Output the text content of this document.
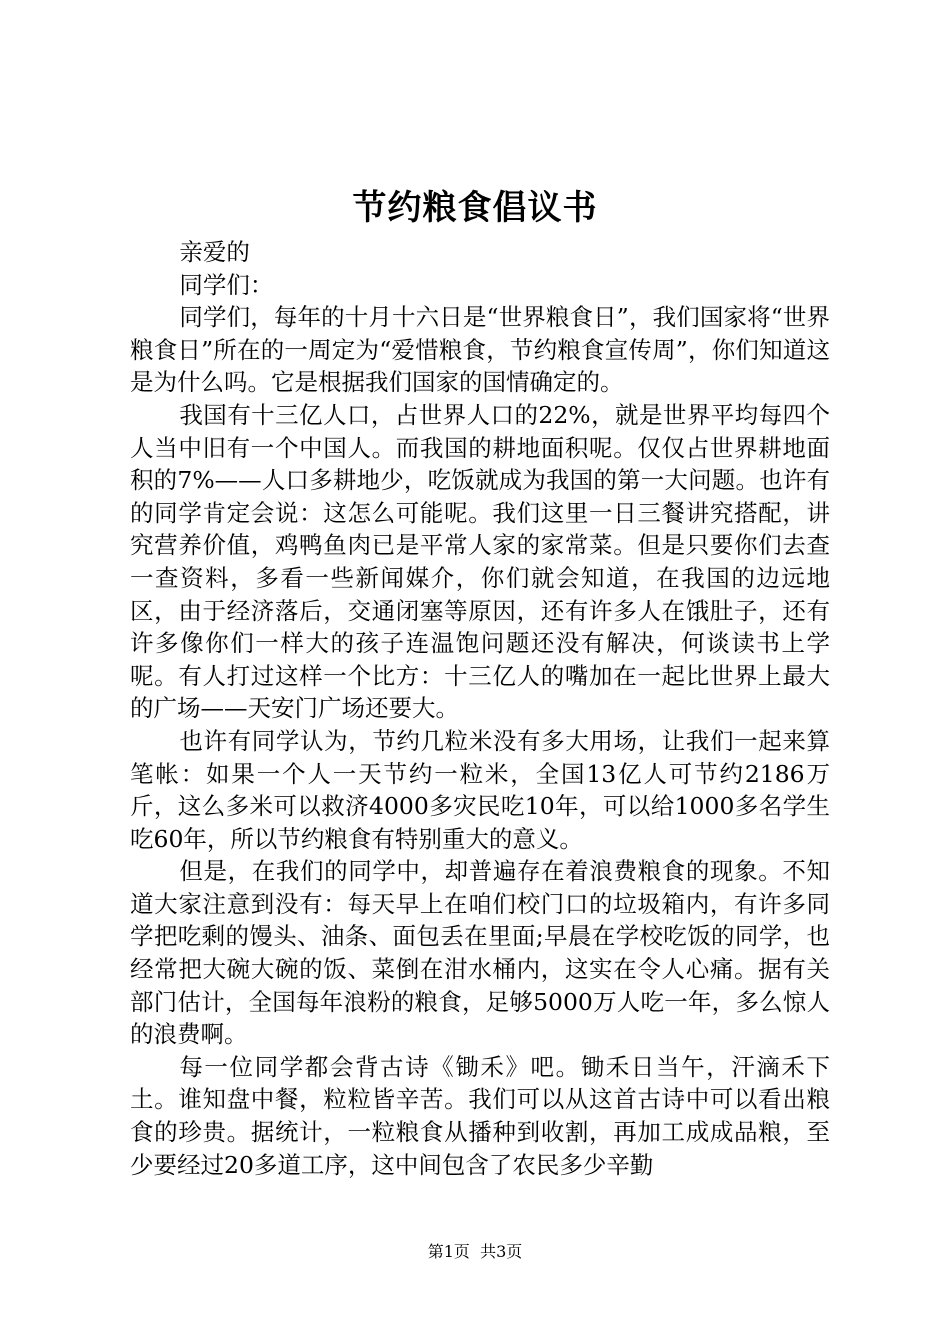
节约粮食倡议书

亲爱的

同学们：

同学们，每年的十月十六日是“世界粮食日”，我们国家将“世界粮食日”所在的一周定为“爱惜粮食，节约粮食宣传周”，你们知道这是为什么吗。它是根据我们国家的国情确定的。

我国有十三亿人口，占世界人口的22%，就是世界平均每四个人当中旧有一个中国人。而我国的耕地面积呢。仅仅占世界耕地面积的7%——人口多耕地少，吃饭就成为我国的第一大问题。也许有的同学肯定会说：这怎么可能呢。我们这里一日三餐讲究搭配，讲究营养价值，鸡鸭鱼肉已是平常人家的家常菜。但是只要你们去查一查资料，多看一些新闻媒介，你们就会知道，在我国的边远地区，由于经济落后，交通闭塞等原因，还有许多人在饿肚子，还有许多像你们一样大的孩子连温饱问题还没有解决，何谈读书上学呢。有人打过这样一个比方：十三亿人的嘴加在一起比世界上最大的广场——天安门广场还要大。

也许有同学认为，节约几粒米没有多大用场，让我们一起来算笔帐：如果一个人一天节约一粒米，全国13亿人可节约2186万斤，这么多米可以救济4000多灾民吃10年，可以给1000多名学生吃60年，所以节约粮食有特别重大的意义。

但是，在我们的同学中，却普遍存在着浪费粮食的现象。不知道大家注意到没有：每天早上在咱们校门口的垃圾箱内，有许多同学把吃剩的馒头、油条、面包丢在里面;早晨在学校吃饭的同学，也经常把大碗大碗的饭、菜倒在泔水桶内，这实在令人心痛。据有关部门估计，全国每年浪粉的粮食，足够5000万人吃一年，多么惊人的浪费啊。

每一位同学都会背古诗《锄禾》吧。锄禾日当午，汗滴禾下土。谁知盘中餐，粒粒皆辛苦。我们可以从这首古诗中可以看出粮食的珍贵。据统计，一粒粮食从播种到收割，再加工成成品粮，至少要经过20多道工序，这中间包含了农民多少辛勤

第1页 共3页
